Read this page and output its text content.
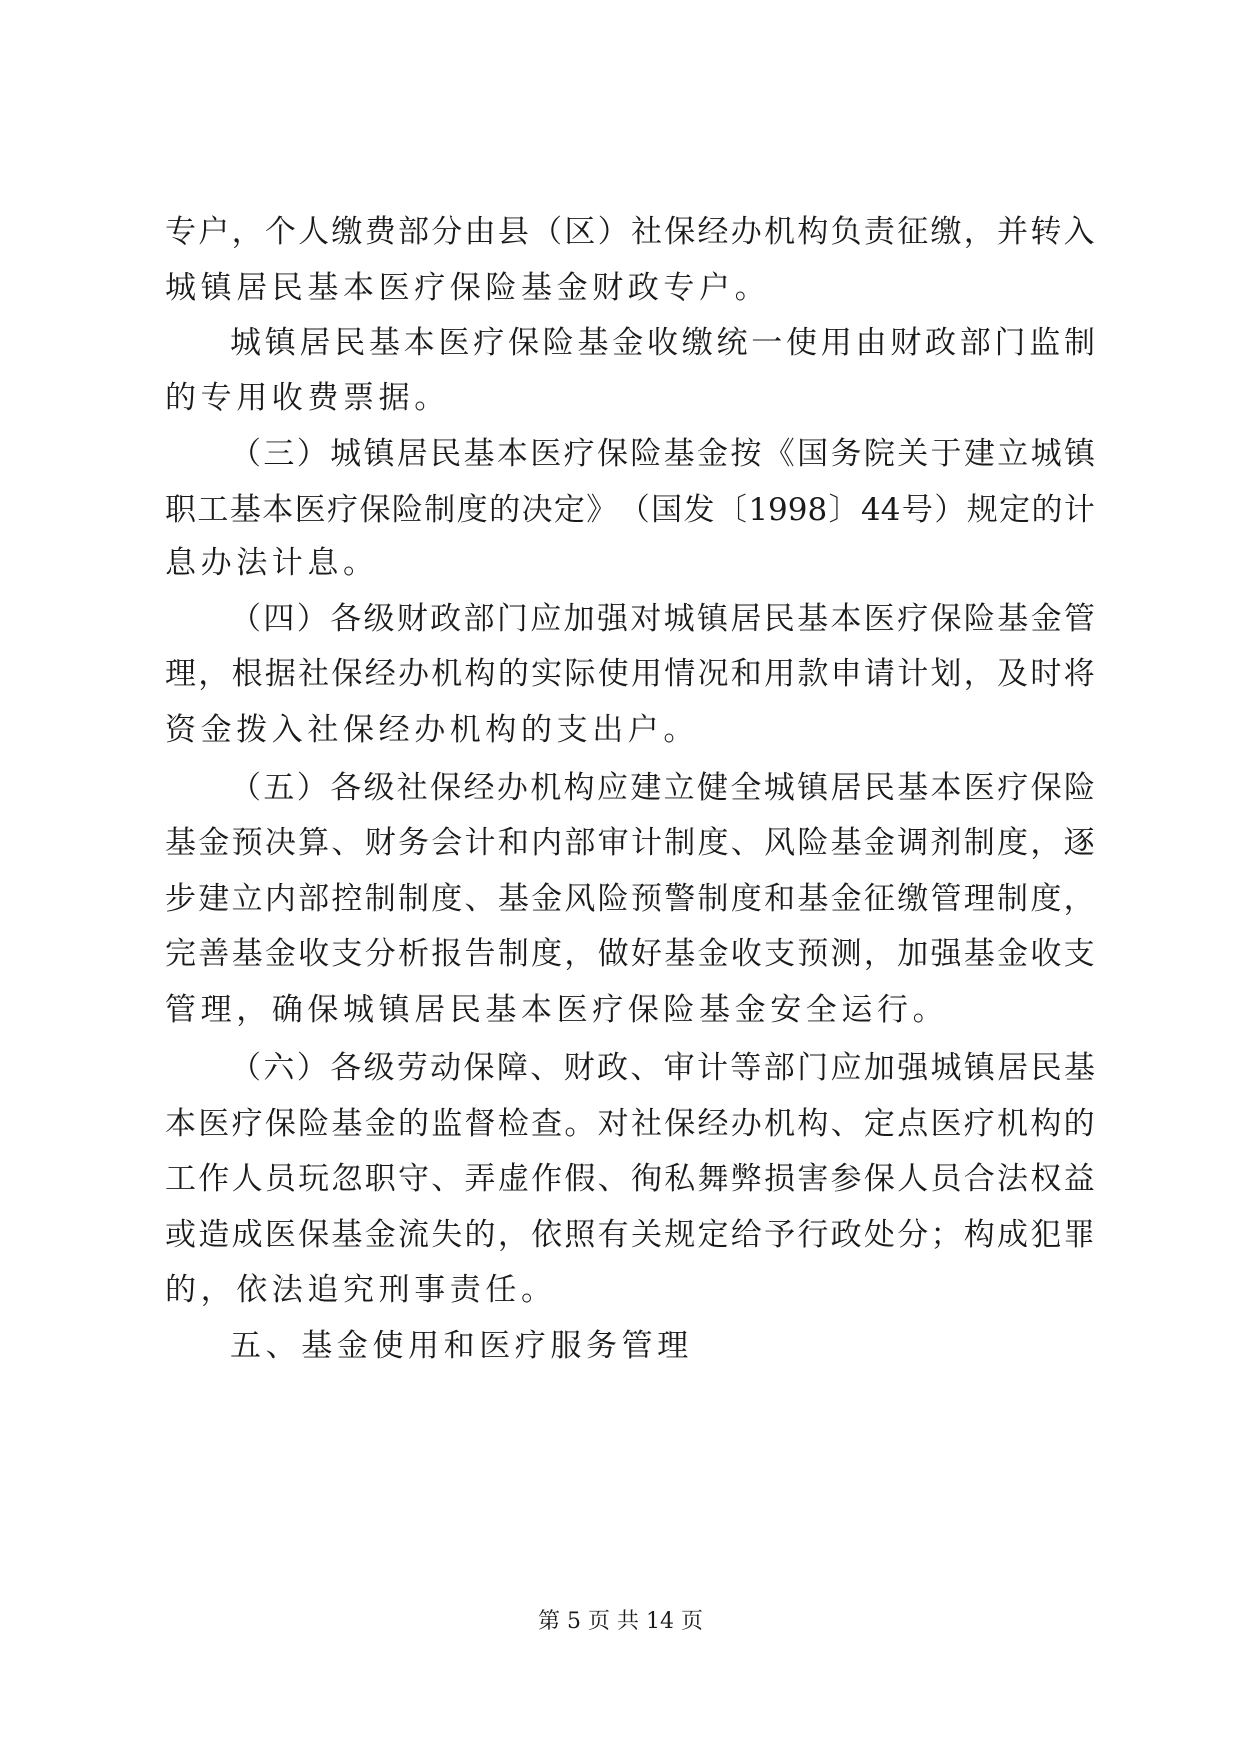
专 户 ， 个 人 缴 费 部 分 由 县 （ 区 ） 社 保 经 办 机 构 负 责 征 缴 ， 并 转 入
城镇居民基本医疗保险基金财政专户。
城 镇 居 民 基 本 医 疗 保 险 基 金 收 缴 统 一 使 用 由 财 政 部 门 监 制
的专用收费票据。
（ 三 ） 城 镇 居 民 基 本 医 疗 保 险 基 金 按 《 国 务 院 关 于 建 立 城 镇
职 工 基 本 医 疗 保 险 制 度 的 决 定 》 （ 国 发 〔 1998 〕 44 号 ） 规 定 的 计
息办法计息。
（ 四 ） 各 级 财 政 部 门 应 加 强 对 城 镇 居 民 基 本 医 疗 保 险 基 金 管
理 ， 根 据 社 保 经 办 机 构 的 实 际 使 用 情 况 和 用 款 申 请 计 划 ， 及 时 将
资金拨入社保经办机构的支出户。
（ 五 ） 各 级 社 保 经 办 机 构 应 建 立 健 全 城 镇 居 民 基 本 医 疗 保 险
基 金 预 决 算 、 财 务 会 计 和 内 部 审 计 制 度 、 风 险 基 金 调 剂 制 度 ， 逐
步 建 立 内 部 控 制 制 度 、 基 金 风 险 预 警 制 度 和 基 金 征 缴 管 理 制 度 ，
完 善 基 金 收 支 分 析 报 告 制 度 ， 做 好 基 金 收 支 预 测 ， 加 强 基 金 收 支
管理，确保城镇居民基本医疗保险基金安全运行。
（ 六 ） 各 级 劳 动 保 障 、 财 政 、 审 计 等 部 门 应 加 强 城 镇 居 民 基
本 医 疗 保 险 基 金 的 监 督 检 查 。 对 社 保 经 办 机 构 、 定 点 医 疗 机 构 的
工 作 人 员 玩 忽 职 守 、 弄 虚 作 假 、 徇 私 舞 弊 损 害 参 保 人 员 合 法 权 益
或 造 成 医 保 基 金 流 失 的 ， 依 照 有 关 规 定 给 予 行 政 处 分 ； 构 成 犯 罪
的，依法追究刑事责任。
五、基金使用和医疗服务管理
第 5 页 共 14 页
